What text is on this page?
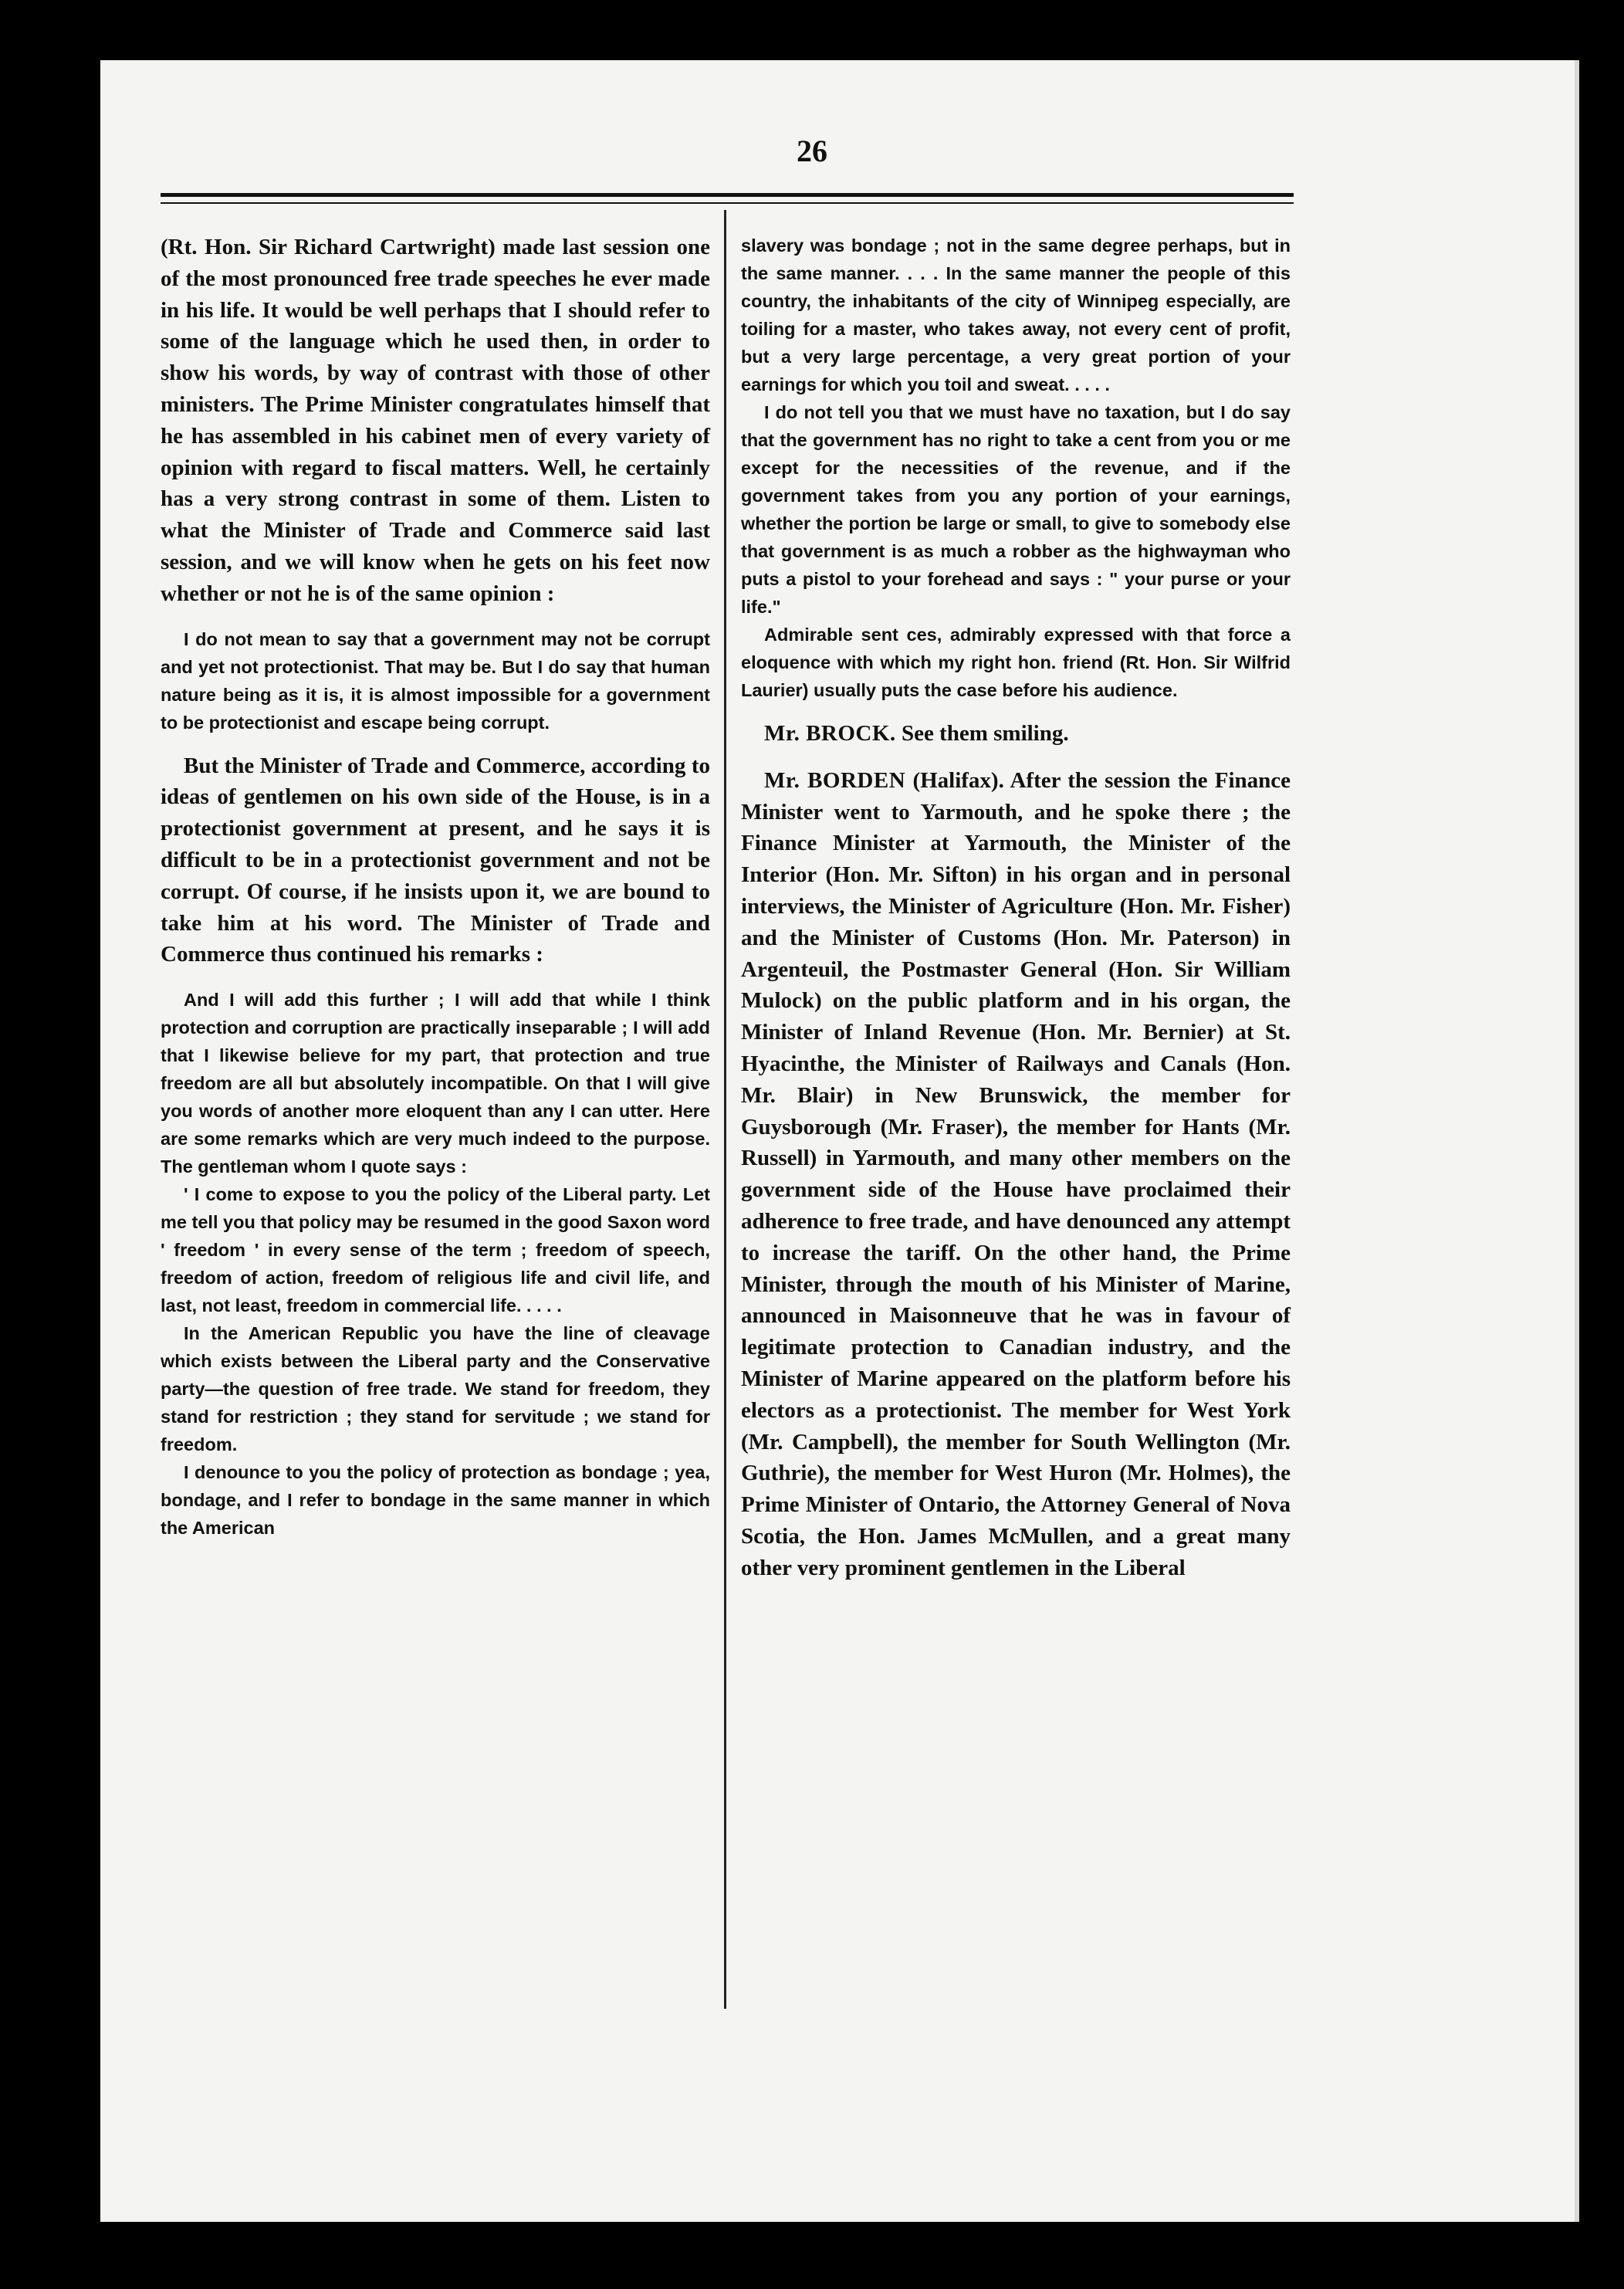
26

(Rt. Hon. Sir Richard Cartwright) made last session one of the most pronounced free trade speeches he ever made in his life. It would be well perhaps that I should refer to some of the language which he used then, in order to show his words, by way of contrast with those of other ministers. The Prime Minister congratulates himself that he has assembled in his cabinet men of every variety of opinion with regard to fiscal matters. Well, he certainly has a very strong contrast in some of them. Listen to what the Minister of Trade and Commerce said last session, and we will know when he gets on his feet now whether or not he is of the same opinion :

I do not mean to say that a government may not be corrupt and yet not protectionist. That may be. But I do say that human nature being as it is, it is almost impossible for a government to be protectionist and escape being corrupt.

But the Minister of Trade and Commerce, according to ideas of gentlemen on his own side of the House, is in a protectionist government at present, and he says it is difficult to be in a protectionist government and not be corrupt. Of course, if he insists upon it, we are bound to take him at his word. The Minister of Trade and Commerce thus continued his remarks :

And I will add this further ; I will add that while I think protection and corruption are practically inseparable ; I will add that I likewise believe for my part, that protection and true freedom are all but absolutely incompatible. On that I will give you words of another more eloquent than any I can utter. Here are some remarks which are very much indeed to the purpose. The gentleman whom I quote says :

' I come to expose to you the policy of the Liberal party. Let me tell you that policy may be resumed in the good Saxon word ' freedom ' in every sense of the term ; freedom of speech, freedom of action, freedom of religious life and civil life, and last, not least, freedom in commercial life. . . . .

In the American Republic you have the line of cleavage which exists between the Liberal party and the Conservative party—the question of free trade. We stand for freedom, they stand for restriction ; they stand for servitude ; we stand for freedom.

I denounce to you the policy of protection as bondage ; yea, bondage, and I refer to bondage in the same manner in which the American

slavery was bondage ; not in the same degree perhaps, but in the same manner. . . . In the same manner the people of this country, the inhabitants of the city of Winnipeg especially, are toiling for a master, who takes away, not every cent of profit, but a very large percentage, a very great portion of your earnings for which you toil and sweat. . . . .

I do not tell you that we must have no taxation, but I do say that the government has no right to take a cent from you or me except for the necessities of the revenue, and if the government takes from you any portion of your earnings, whether the portion be large or small, to give to somebody else that government is as much a robber as the highwayman who puts a pistol to your forehead and says : " your purse or your life."

Admirable sent ces, admirably expressed with that force a eloquence with which my right hon. friend (Rt. Hon. Sir Wilfrid Laurier) usually puts the case before his audience.

Mr. BROCK. See them smiling.

Mr. BORDEN (Halifax). After the session the Finance Minister went to Yarmouth, and he spoke there ; the Finance Minister at Yarmouth, the Minister of the Interior (Hon. Mr. Sifton) in his organ and in personal interviews, the Minister of Agriculture (Hon. Mr. Fisher) and the Minister of Customs (Hon. Mr. Paterson) in Argenteuil, the Postmaster General (Hon. Sir William Mulock) on the public platform and in his organ, the Minister of Inland Revenue (Hon. Mr. Bernier) at St. Hyacinthe, the Minister of Railways and Canals (Hon. Mr. Blair) in New Brunswick, the member for Guysborough (Mr. Fraser), the member for Hants (Mr. Russell) in Yarmouth, and many other members on the government side of the House have proclaimed their adherence to free trade, and have denounced any attempt to increase the tariff. On the other hand, the Prime Minister, through the mouth of his Minister of Marine, announced in Maisonneuve that he was in favour of legitimate protection to Canadian industry, and the Minister of Marine appeared on the platform before his electors as a protectionist. The member for West York (Mr. Campbell), the member for South Wellington (Mr. Guthrie), the member for West Huron (Mr. Holmes), the Prime Minister of Ontario, the Attorney General of Nova Scotia, the Hon. James McMullen, and a great many other very prominent gentlemen in the Liberal
